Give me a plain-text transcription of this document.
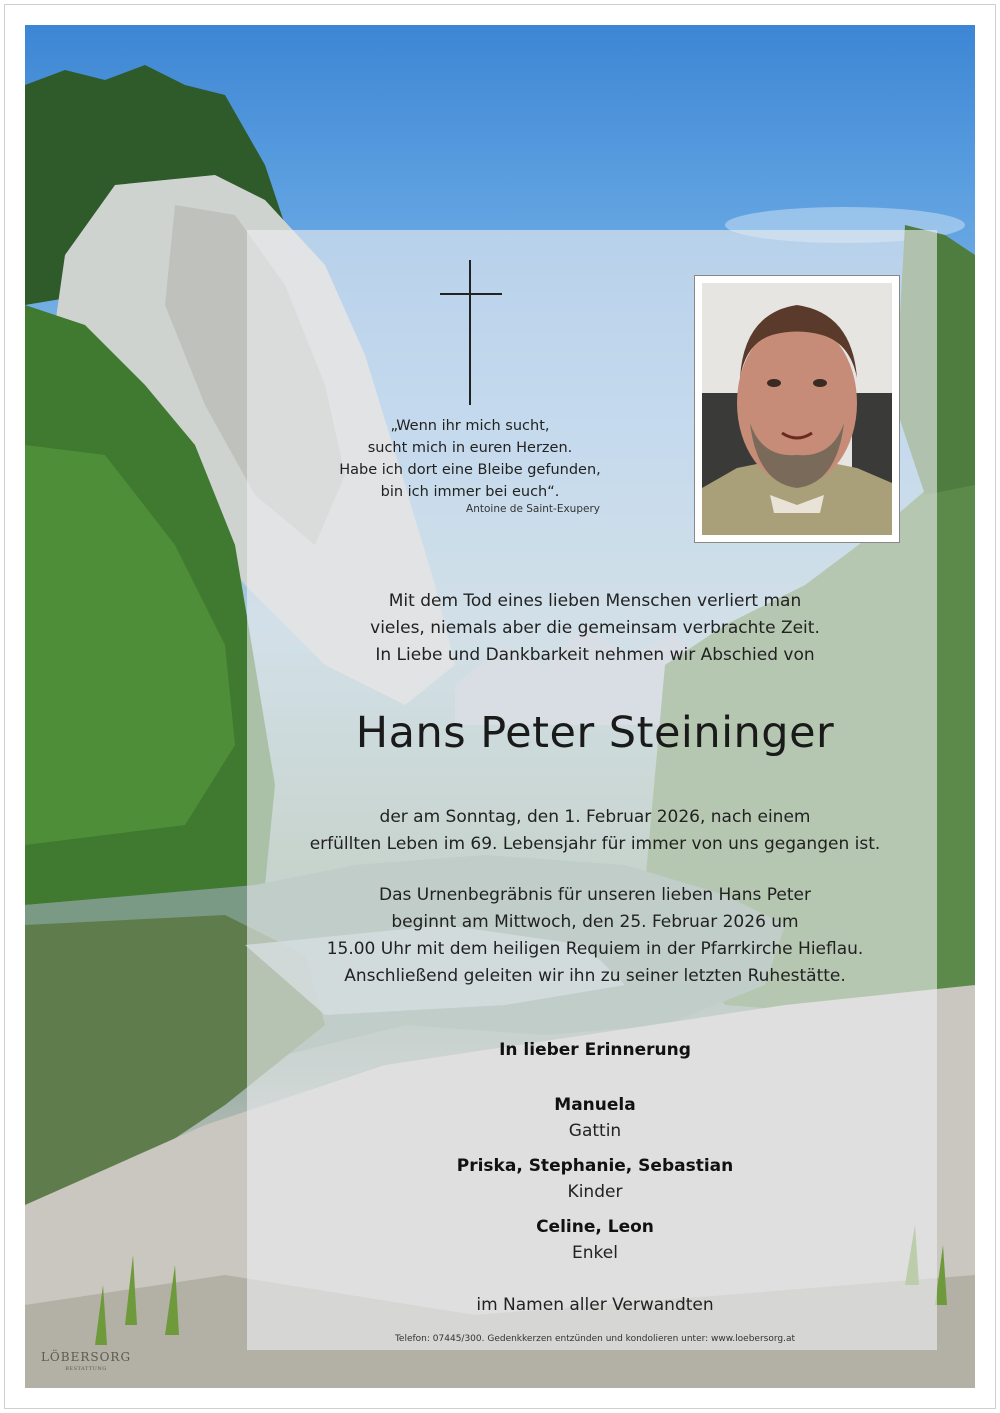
„Wenn ihr mich sucht,
sucht mich in euren Herzen.
Habe ich dort eine Bleibe gefunden,
bin ich immer bei euch“.
Antoine de Saint-Exupery
Mit dem Tod eines lieben Menschen verliert man
vieles, niemals aber die gemeinsam verbrachte Zeit.
In Liebe und Dankbarkeit nehmen wir Abschied von
Hans Peter Steininger
der am Sonntag, den 1. Februar 2026, nach einem
erfüllten Leben im 69. Lebensjahr für immer von uns gegangen ist.
Das Urnenbegräbnis für unseren lieben Hans Peter
beginnt am Mittwoch, den 25. Februar 2026 um
15.00 Uhr mit dem heiligen Requiem in der Pfarrkirche Hieflau.
Anschließend geleiten wir ihn zu seiner letzten Ruhestätte.
In lieber Erinnerung
Manuela
Gattin
Priska, Stephanie, Sebastian
Kinder
Celine, Leon
Enkel
im Namen aller Verwandten
Telefon: 07445/300. Gedenkkerzen entzünden und kondolieren unter: www.loebersorg.at
LÖBERSORG
BESTATTUNG
